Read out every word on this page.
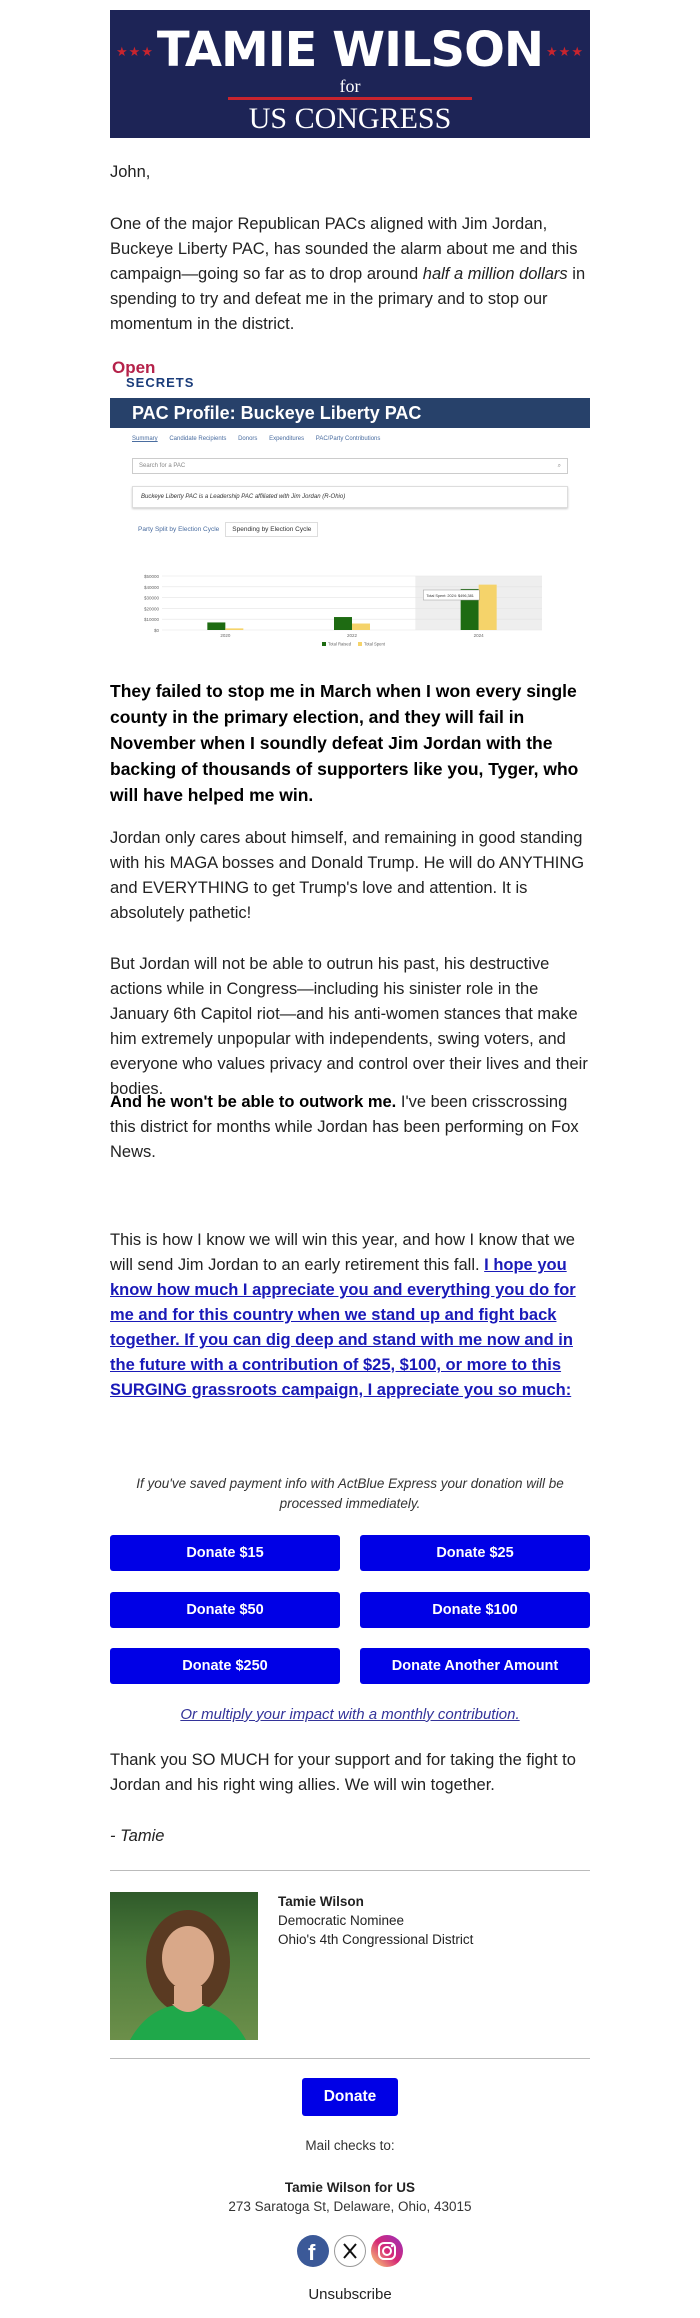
★★★	★★★
TAMIE WILSON
for
US CONGRESS

John,

One of the major Republican PACs aligned with Jim Jordan, Buckeye Liberty PAC, has sounded the alarm about me and this campaign—going so far as to drop around half a million dollars in spending to try and defeat me in the primary and to stop our momentum in the district.

Open
SECRETS
PAC Profile: Buckeye Liberty PAC
Summary Candidate Recipients Donors Expenditures PAC/Party Contributions
Search for a PAC	⌕
Buckeye Liberty PAC is a Leadership PAC affiliated with Jim Jordan (R-Ohio)
Party Split by Election Cycle Spending by Election Cycle
$50000
$40000
$30000
$20000
$10000
$0
2020	2022	2024
Total Spent: 2024: $496,381
Total Raised	Total Spent

They failed to stop me in March when I won every single county in the primary election, and they will fail in November when I soundly defeat Jim Jordan with the backing of thousands of supporters like you, Tyger, who will have helped me win.

Jordan only cares about himself, and remaining in good standing with his MAGA bosses and Donald Trump. He will do ANYTHING and EVERYTHING to get Trump's love and attention. It is absolutely pathetic!

But Jordan will not be able to outrun his past, his destructive actions while in Congress—including his sinister role in the January 6th Capitol riot—and his anti-women stances that make him extremely unpopular with independents, swing voters, and everyone who values privacy and control over their lives and their bodies.

And he won't be able to outwork me. I've been crisscrossing this district for months while Jordan has been performing on Fox News.

This is how I know we will win this year, and how I know that we will send Jim Jordan to an early retirement this fall. I hope you know how much I appreciate you and everything you do for me and for this country when we stand up and fight back together. If you can dig deep and stand with me now and in the future with a contribution of $25, $100, or more to this SURGING grassroots campaign, I appreciate you so much:

If you've saved payment info with ActBlue Express your donation will be processed immediately.

Donate $15	Donate $25
Donate $50	Donate $100
Donate $250	Donate Another Amount
Or multiply your impact with a monthly contribution.

Thank you SO MUCH for your support and for taking the fight to Jordan and his right wing allies. We will win together.

- Tamie

Tamie Wilson
Democratic Nominee
Ohio's 4th Congressional District
Donate

Mail checks to:

Tamie Wilson for US

273 Saratoga St, Delaware, Ohio, 43015

f
Unsubscribe
